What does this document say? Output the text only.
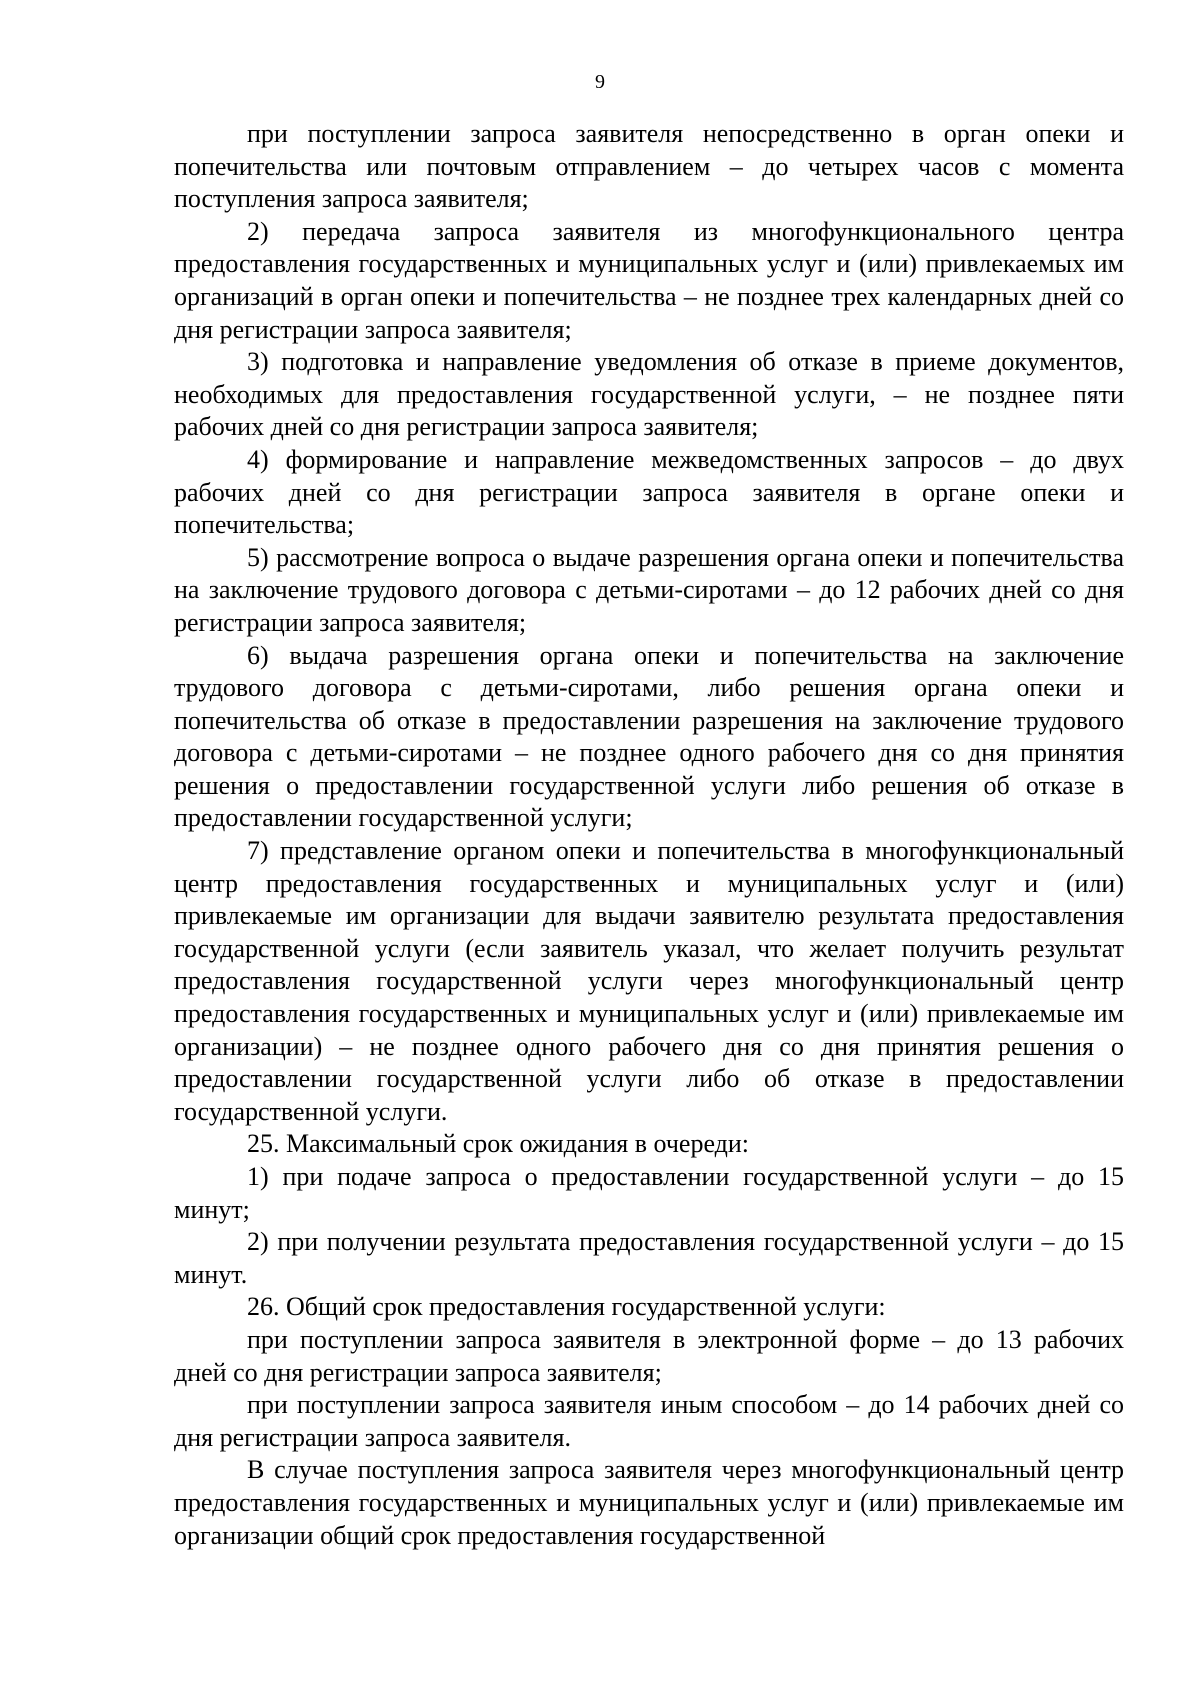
9

при поступлении запроса заявителя непосредственно в орган опеки и попечительства или почтовым отправлением – до четырех часов с момента поступления запроса заявителя;

2) передача запроса заявителя из многофункционального центра предоставления государственных и муниципальных услуг и (или) привлекаемых им организаций в орган опеки и попечительства – не позднее трех календарных дней со дня регистрации запроса заявителя;

3) подготовка и направление уведомления об отказе в приеме документов, необходимых для предоставления государственной услуги, – не позднее пяти рабочих дней со дня регистрации запроса заявителя;

4) формирование и направление межведомственных запросов – до двух рабочих дней со дня регистрации запроса заявителя в органе опеки и попечительства;

5) рассмотрение вопроса о выдаче разрешения органа опеки и попечительства на заключение трудового договора с детьми-сиротами – до 12 рабочих дней со дня регистрации запроса заявителя;

6) выдача разрешения органа опеки и попечительства на заключение трудового договора с детьми-сиротами, либо решения органа опеки и попечительства об отказе в предоставлении разрешения на заключение трудового договора с детьми-сиротами – не позднее одного рабочего дня со дня принятия решения о предоставлении государственной услуги либо решения об отказе в предоставлении государственной услуги;

7) представление органом опеки и попечительства в многофункциональный центр предоставления государственных и муниципальных услуг и (или) привлекаемые им организации для выдачи заявителю результата предоставления государственной услуги (если заявитель указал, что желает получить результат предоставления государственной услуги через многофункциональный центр предоставления государственных и муниципальных услуг и (или) привлекаемые им организации) – не позднее одного рабочего дня со дня принятия решения о предоставлении государственной услуги либо об отказе в предоставлении государственной услуги.

25. Максимальный срок ожидания в очереди:

1) при подаче запроса о предоставлении государственной услуги – до 15 минут;

2) при получении результата предоставления государственной услуги – до 15 минут.

26. Общий срок предоставления государственной услуги:

при поступлении запроса заявителя в электронной форме – до 13 рабочих дней со дня регистрации запроса заявителя;

при поступлении запроса заявителя иным способом – до 14 рабочих дней со дня регистрации запроса заявителя.

В случае поступления запроса заявителя через многофункциональный центр предоставления государственных и муниципальных услуг и (или) привлекаемые им организации общий срок предоставления государственной
